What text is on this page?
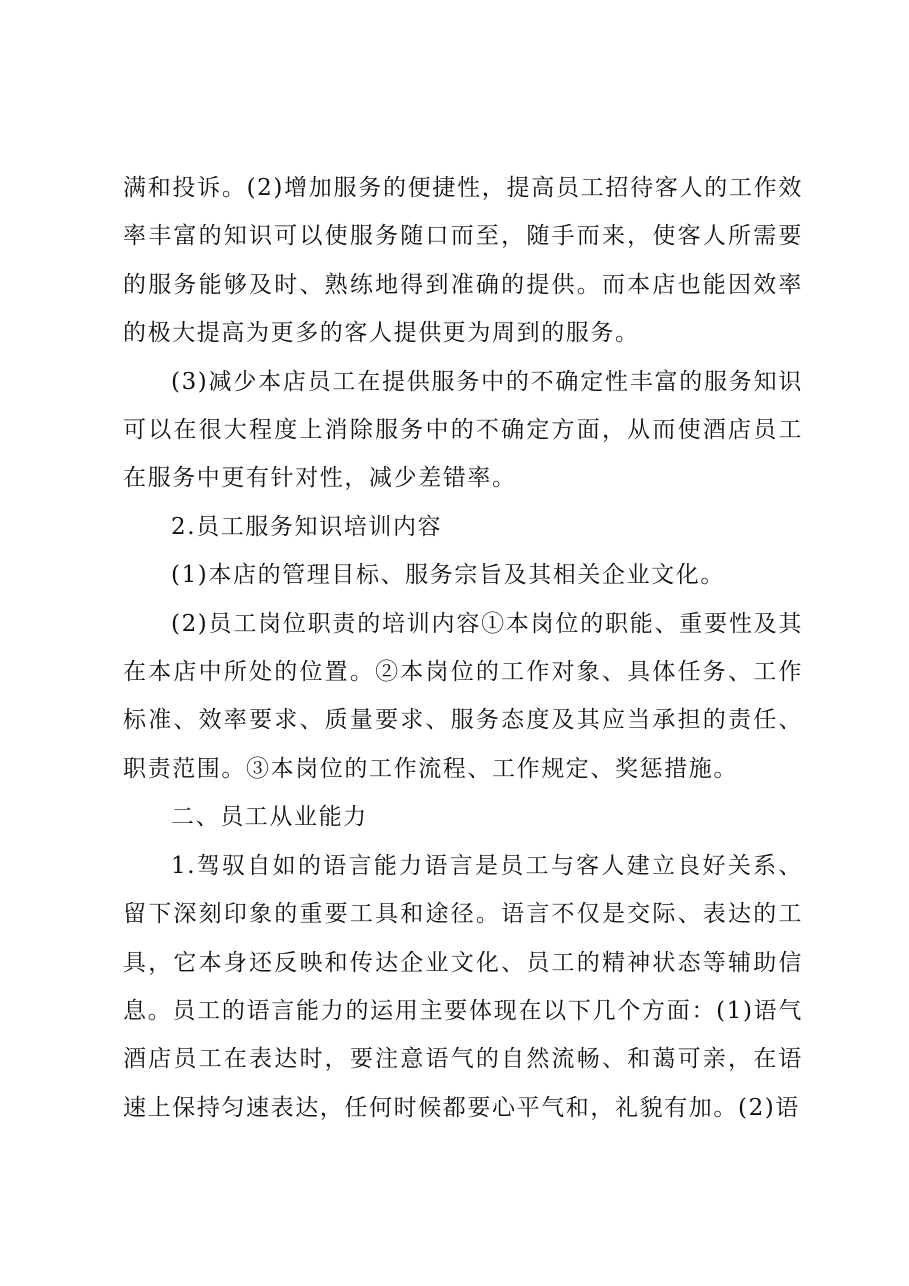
满和投诉。(2)增加服务的便捷性，提高员工招待客人的工作效率丰富的知识可以使服务随口而至，随手而来，使客人所需要的服务能够及时、熟练地得到准确的提供。而本店也能因效率的极大提高为更多的客人提供更为周到的服务。

(3)减少本店员工在提供服务中的不确定性丰富的服务知识可以在很大程度上消除服务中的不确定方面，从而使酒店员工在服务中更有针对性，减少差错率。

2.员工服务知识培训内容

(1)本店的管理目标、服务宗旨及其相关企业文化。

(2)员工岗位职责的培训内容①本岗位的职能、重要性及其在本店中所处的位置。②本岗位的工作对象、具体任务、工作标准、效率要求、质量要求、服务态度及其应当承担的责任、职责范围。③本岗位的工作流程、工作规定、奖惩措施。

二、员工从业能力

1.驾驭自如的语言能力语言是员工与客人建立良好关系、留下深刻印象的重要工具和途径。语言不仅是交际、表达的工具，它本身还反映和传达企业文化、员工的精神状态等辅助信息。员工的语言能力的运用主要体现在以下几个方面：(1)语气酒店员工在表达时，要注意语气的自然流畅、和蔼可亲，在语速上保持匀速表达，任何时候都要心平气和，礼貌有加。(2)语
